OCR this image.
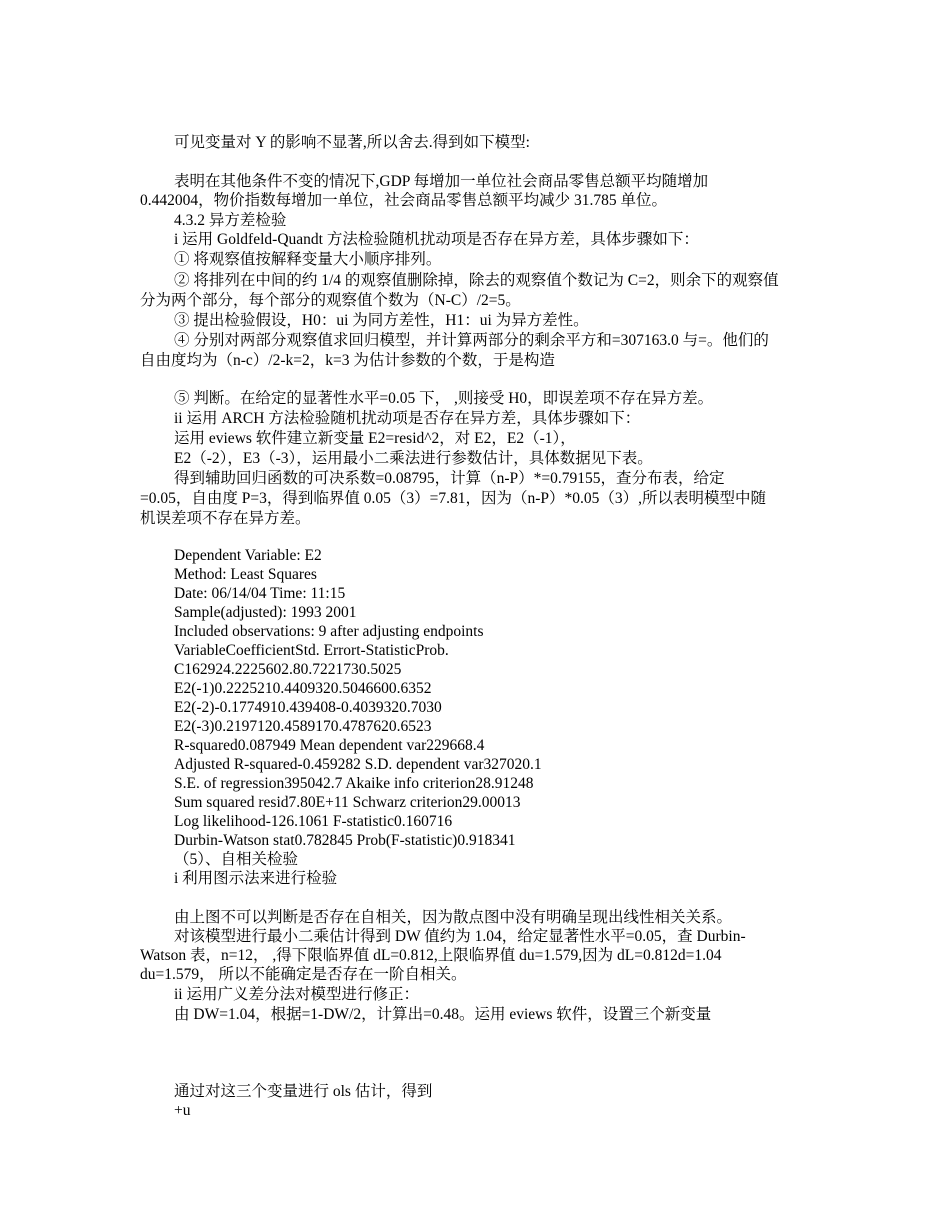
可见变量对 Y 的影响不显著,所以舍去.得到如下模型:
表明在其他条件不变的情况下,GDP 每增加一单位社会商品零售总额平均随增加
0.442004，物价指数每增加一单位，社会商品零售总额平均减少 31.785 单位。
4.3.2 异方差检验
i 运用 Goldfeld-Quandt 方法检验随机扰动项是否存在异方差，具体步骤如下：
① 将观察值按解释变量大小顺序排列。
② 将排列在中间的约 1/4 的观察值删除掉，除去的观察值个数记为 C=2，则余下的观察值
分为两个部分，每个部分的观察值个数为（N-C）/2=5。
③ 提出检验假设，H0：ui 为同方差性，H1：ui 为异方差性。
④ 分别对两部分观察值求回归模型，并计算两部分的剩余平方和=307163.0 与=。他们的
自由度均为（n-c）/2-k=2，k=3 为估计参数的个数，于是构造
⑤ 判断。在给定的显著性水平=0.05 下， ,则接受 H0，即误差项不存在异方差。
ii 运用 ARCH 方法检验随机扰动项是否存在异方差，具体步骤如下：
运用 eviews 软件建立新变量 E2=resid^2，对 E2，E2（-1），
E2（-2），E3（-3），运用最小二乘法进行参数估计，具体数据见下表。
得到辅助回归函数的可决系数=0.08795，计算（n-P）*=0.79155，查分布表，给定
=0.05，自由度 P=3，得到临界值 0.05（3）=7.81，因为（n-P）*0.05（3）,所以表明模型中随
机误差项不存在异方差。
Dependent Variable: E2
Method: Least Squares
Date: 06/14/04 Time: 11:15
Sample(adjusted): 1993 2001
Included observations: 9 after adjusting endpoints
VariableCoefficientStd. Errort-StatisticProb.
C162924.2225602.80.7221730.5025
E2(-1)0.2225210.4409320.5046600.6352
E2(-2)-0.1774910.439408-0.4039320.7030
E2(-3)0.2197120.4589170.4787620.6523
R-squared0.087949 Mean dependent var229668.4
Adjusted R-squared-0.459282 S.D. dependent var327020.1
S.E. of regression395042.7 Akaike info criterion28.91248
Sum squared resid7.80E+11 Schwarz criterion29.00013
Log likelihood-126.1061 F-statistic0.160716
Durbin-Watson stat0.782845 Prob(F-statistic)0.918341
（5）、自相关检验
i 利用图示法来进行检验
由上图不可以判断是否存在自相关，因为散点图中没有明确呈现出线性相关关系。
对该模型进行最小二乘估计得到 DW 值约为 1.04，给定显著性水平=0.05，查 Durbin-
Watson 表，n=12， ,得下限临界值 dL=0.812,上限临界值 du=1.579,因为 dL=0.812d=1.04
du=1.579， 所以不能确定是否存在一阶自相关。
ii 运用广义差分法对模型进行修正：
由 DW=1.04，根据=1-DW/2，计算出=0.48。运用 eviews 软件，设置三个新变量
通过对这三个变量进行 ols 估计，得到
+u
